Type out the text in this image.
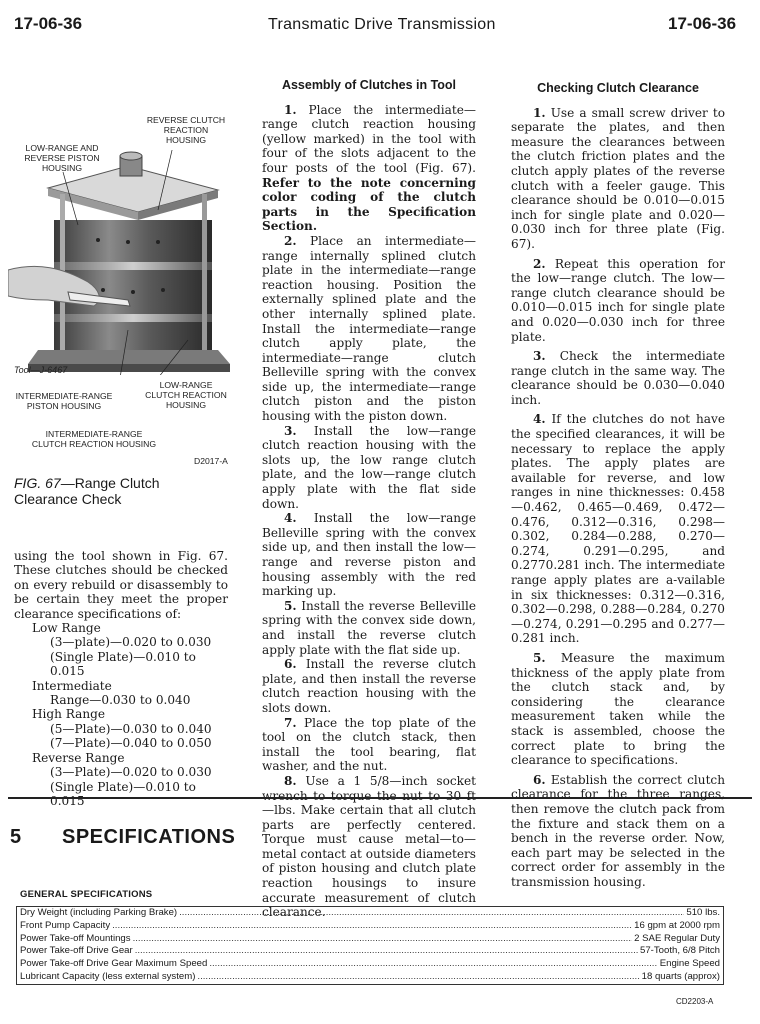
17-06-36	Transmatic Drive Transmission	17-06-36
REVERSE CLUTCH
REACTION
HOUSING
LOW-RANGE AND
REVERSE PISTON
HOUSING
Tool—J-6467
LOW-RANGE
CLUTCH REACTION
HOUSING
INTERMEDIATE-RANGE
PISTON HOUSING
INTERMEDIATE-RANGE
CLUTCH REACTION HOUSING
D2017-A
FIG. 67—Range Clutch
Clearance Check

using the tool shown in Fig. 67. These clutches should be checked on every rebuild or disassembly to be certain they meet the proper clearance specifications of:

Low Range
(3—plate)—0.020 to 0.030
(Single Plate)—0.010 to 0.015
Intermediate
Range—0.030 to 0.040
High Range
(5—Plate)—0.030 to 0.040
(7—Plate)—0.040 to 0.050
Reverse Range
(3—Plate)—0.020 to 0.030
(Single Plate)—0.010 to 0.015

Assembly of Clutches in Tool

1. Place the intermediate—range clutch reaction housing (yellow marked) in the tool with four of the slots adjacent to the four posts of the tool (Fig. 67). Refer to the note concerning color coding of the clutch parts in the Specification Section.

2. Place an intermediate—range internally splined clutch plate in the intermediate—range reaction housing. Position the externally splined plate and the other internally splined plate. Install the intermediate—range clutch apply plate, the intermediate—range clutch Belleville spring with the convex side up, the intermediate—range clutch piston and the piston housing with the piston down.

3. Install the low—range clutch reaction housing with the slots up, the low range clutch plate, and the low—range clutch apply plate with the flat side down.

4. Install the low—range Belleville spring with the convex side up, and then install the low—range and reverse piston and housing assembly with the red marking up.

5. Install the reverse Belleville spring with the convex side down, and install the reverse clutch apply plate with the flat side up.

6. Install the reverse clutch plate, and then install the reverse clutch reaction housing with the slots down.

7. Place the top plate of the tool on the clutch stack, then install the tool bearing, flat washer, and the nut.

8. Use a 1 5/8—inch socket wrench to torque the nut to 30 ft—lbs. Make certain that all clutch parts are perfectly centered. Torque must cause metal—to—metal contact at outside diameters of piston housing and clutch plate reaction housings to insure accurate measurement of clutch clearance.

Checking Clutch Clearance

1. Use a small screw driver to separate the plates, and then measure the clearances between the clutch friction plates and the clutch apply plates of the reverse clutch with a feeler gauge. This clearance should be 0.010—0.015 inch for single plate and 0.020—0.030 inch for three plate (Fig. 67).

2. Repeat this operation for the low—range clutch. The low—range clutch clearance should be 0.010—0.015 inch for single plate and 0.020—0.030 inch for three plate.

3. Check the intermediate range clutch in the same way. The clearance should be 0.030—0.040 inch.

4. If the clutches do not have the specified clearances, it will be necessary to replace the apply plates. The apply plates are available for reverse, and low ranges in nine thicknesses: 0.458—0.462, 0.465—0.469, 0.472—0.476, 0.312—0.316, 0.298—0.302, 0.284—0.288, 0.270—0.274, 0.291—0.295, and 0.2770.281 inch. The intermediate range apply plates are a-vailable in six thicknesses: 0.312—0.316, 0.302—0.298, 0.288—0.284, 0.270—0.274, 0.291—0.295 and 0.277—0.281 inch.

5. Measure the maximum thickness of the apply plate from the clutch stack and, by considering the clearance measurement taken while the stack is assembled, choose the correct plate to bring the clearance to specifications.

6. Establish the correct clutch clearance for the three ranges, then remove the clutch pack from the fixture and stack them on a bench in the reverse order. Now, each part may be selected in the correct order for assembly in the transmission housing.

5 SPECIFICATIONS
GENERAL SPECIFICATIONS
Dry Weight (including Parking Brake) .....	510 lbs.
Front Pump Capacity .....	16 gpm at 2000 rpm
Power Take-off Mountings .....	2 SAE Regular Duty
Power Take-off Drive Gear .....	57-Tooth, 6/8 Pitch
Power Take-off Drive Gear Maximum Speed .....	Engine Speed
Lubricant Capacity (less external system) .....	18 quarts (approx)
CD2203-A
